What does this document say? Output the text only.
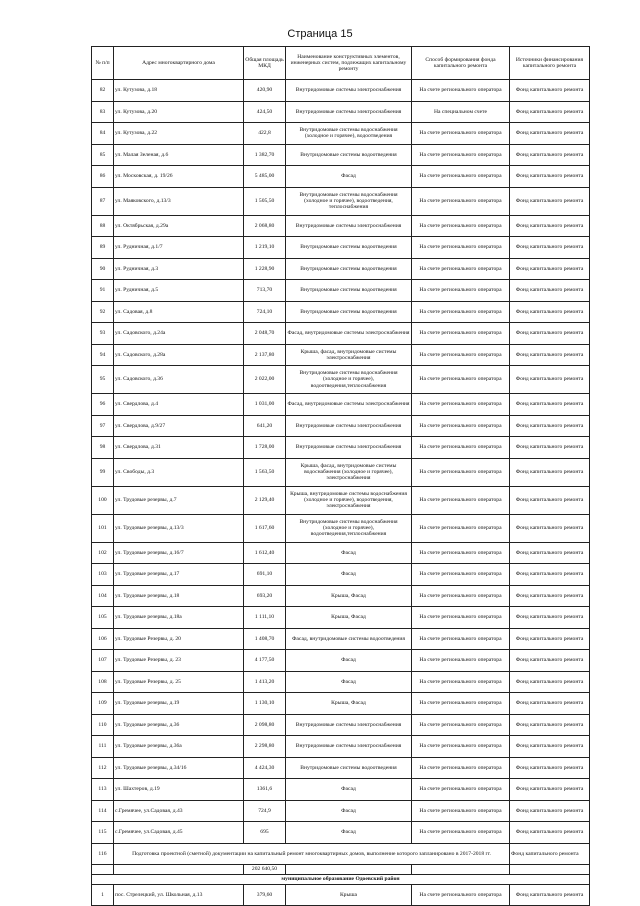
Страница 15
№ п/п	Адрес многоквартирного дома	Общая площадь МКД	Наименование конструктивных элементов, инженерных систем, подлежащих капитальному ремонту	Способ формирования фонда капитального ремонта	Источники финансирования капитального ремонта
82	ул. Кутузова, д.18	420,90	Внутридомовые системы электроснабжения	На счете регионального оператора	Фонд капитального ремонта
83	ул. Кутузова, д.20	424,50	Внутридомовые системы электроснабжения	На специальном счете	Фонд капитального ремонта
84	ул. Кутузова, д.22	422,8	Внутридомовые системы водоснабжения (холодное и горячее), водоотведения	На счете регионального оператора	Фонд капитального ремонта
85	ул. Малая Зеленая, д.6	1 382,70	Внутридомовые системы водоотведения	На счете регионального оператора	Фонд капитального ремонта
86	ул. Московская, д. 19/26	5 485,00	Фасад	На счете регионального оператора	Фонд капитального ремонта
87	ул. Маяковского, д.13/3	1 505,50	Внутридомовые системы водоснабжения (холодное и горячее), водоотведения, теплоснабжения	На счете регионального оператора	Фонд капитального ремонта
88	ул. Октябрьская, д.29а	2 068,80	Внутридомовые системы электроснабжения	На счете регионального оператора	Фонд капитального ремонта
89	ул. Рудничная, д.1/7	1 219,10	Внутридомовые системы водоотведения	На счете регионального оператора	Фонд капитального ремонта
90	ул. Рудничная, д.3	1 228,90	Внутридомовые системы водоотведения	На счете регионального оператора	Фонд капитального ремонта
91	ул. Рудничная, д.5	713,70	Внутридомовые системы водоотведения	На счете регионального оператора	Фонд капитального ремонта
92	ул. Садовая, д.8	724,10	Внутридомовые системы водоотведения	На счете регионального оператора	Фонд капитального ремонта
93	ул. Садовского, д.24а	2 048,70	Фасад, внутридомовые системы электроснабжения	На счете регионального оператора	Фонд капитального ремонта
94	ул. Садовского, д.28а	2 137,80	Крыша, фасад, внутридомовые системы электроснабжения	На счете регионального оператора	Фонд капитального ремонта
95	ул. Садовского, д.36	2 022,00	Внутридомовые системы водоснабжения (холодное и горячее), водоотведения,теплоснабжения	На счете регионального оператора	Фонд капитального ремонта
96	ул. Свердлова, д.4	1 031,00	Фасад, внутридомовые системы электроснабжения	На счете регионального оператора	Фонд капитального ремонта
97	ул. Свердлова, д.9/27	641,20	Внутридомовые системы электроснабжения	На счете регионального оператора	Фонд капитального ремонта
98	ул. Свердлова, д.31	1 728,00	Внутридомовые системы электроснабжения	На счете регионального оператора	Фонд капитального ремонта
99	ул. Свободы, д.3	1 563,50	Крыша, фасад, внутридомовые системы водоснабжения (холодное и горячее), электроснабжения	На счете регионального оператора	Фонд капитального ремонта
100	ул. Трудовые резервы, д.7	2 129,40	Крыша, внутридомовые системы водоснабжения (холодное и горячее), водоотведения, электроснабжения	На счете регионального оператора	Фонд капитального ремонта
101	ул. Трудовые резервы, д.13/3	1 617,60	Внутридомовые системы водоснабжения (холодное и горячее), водоотведения,теплоснабжения	На счете регионального оператора	Фонд капитального ремонта
102	ул. Трудовые резервы, д.16/7	1 612,40	Фасад	На счете регионального оператора	Фонд капитального ремонта
103	ул. Трудовые резервы, д.17	691,10	Фасад	На счете регионального оператора	Фонд капитального ремонта
104	ул. Трудовые резервы, д.18	693,20	Крыша, Фасад	На счете регионального оператора	Фонд капитального ремонта
105	ул. Трудовые резервы, д.18а	1 111,10	Крыша, Фасад	На счете регионального оператора	Фонд капитального ремонта
106	ул. Трудовые Резервы, д. 20	1 408,70	Фасад, внутридомовые системы водоотведения	На счете регионального оператора	Фонд капитального ремонта
107	ул. Трудовые Резервы, д. 23	4 177,50	Фасад	На счете регионального оператора	Фонд капитального ремонта
108	ул. Трудовые Резервы, д. 25	1 413,20	Фасад	На счете регионального оператора	Фонд капитального ремонта
109	ул. Трудовые резервы, д.19	1 130,10	Крыша, Фасад	На счете регионального оператора	Фонд капитального ремонта
110	ул. Трудовые резервы, д.36	2 098,80	Внутридомовые системы электроснабжения	На счете регионального оператора	Фонд капитального ремонта
111	ул. Трудовые резервы, д.36а	2 298,80	Внутридомовые системы электроснабжения	На счете регионального оператора	Фонд капитального ремонта
112	ул. Трудовые резервы, д.34/16	4 424,30	Внутридомовые системы водоотведения	На счете регионального оператора	Фонд капитального ремонта
113	ул. Шахтеров, д.19	1361,6	Фасад	На счете регионального оператора	Фонд капитального ремонта
114	с.Гремячее, ул.Садовая, д.43	724,9	Фасад	На счете регионального оператора	Фонд капитального ремонта
115	с.Гремячее, ул.Садовая, д.45	695	Фасад	На счете регионального оператора	Фонд капитального ремонта
116	Подготовка проектной (сметной) документации на капитальный ремонт многоквартирных домов, выполнение которого запланировано в 2017-2018 гг.				Фонд капитального ремонта
		202 640,50			
муниципальное образование Одоевский район					
1	пос. Стрелецкий, ул. Школьная, д.13	379,60	Крыша	На счете регионального оператора	Фонд капитального ремонта
